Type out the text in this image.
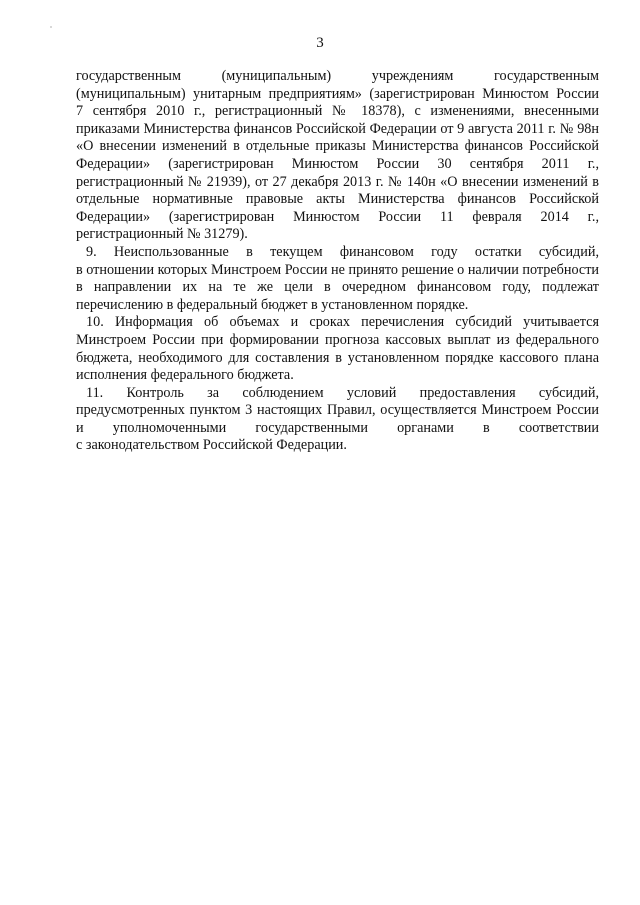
3
государственным (муниципальным) учреждениям государственным
(муниципальным) унитарным предприятиям» (зарегистрирован Минюстом России
7 сентября 2010 г., регистрационный № 18378), с изменениями, внесенными
приказами Министерства финансов Российской Федерации от 9 августа 2011 г. № 98н
«О внесении изменений в отдельные приказы Министерства финансов Российской
Федерации» (зарегистрирован Минюстом России 30 сентября 2011 г.,
регистрационный № 21939), от 27 декабря 2013 г. № 140н «О внесении изменений в
отдельные нормативные правовые акты Министерства финансов Российской
Федерации» (зарегистрирован Минюстом России 11 февраля 2014 г.,
регистрационный № 31279).
9. Неиспользованные в текущем финансовом году остатки субсидий,
в отношении которых Минстроем России не принято решение о наличии потребности
в направлении их на те же цели в очередном финансовом году, подлежат
перечислению в федеральный бюджет в установленном порядке.
10. Информация об объемах и сроках перечисления субсидий учитывается
Минстроем России при формировании прогноза кассовых выплат из федерального
бюджета, необходимого для составления в установленном порядке кассового плана
исполнения федерального бюджета.
11. Контроль за соблюдением условий предоставления субсидий,
предусмотренных пунктом 3 настоящих Правил, осуществляется Минстроем России
и уполномоченными государственными органами в соответствии
с законодательством Российской Федерации.
